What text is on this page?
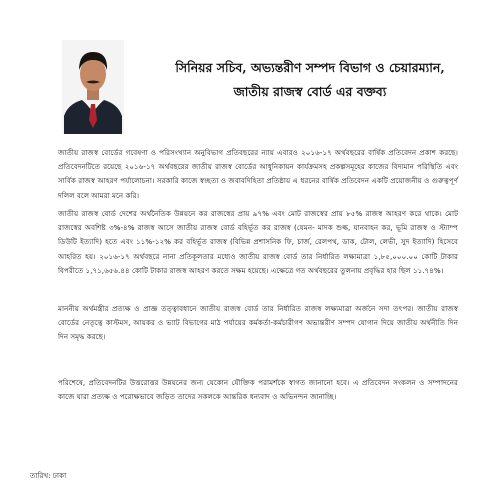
সিনিয়র সচিব, অভ্যন্তরীণ সম্পদ বিভাগ ও চেয়ারম্যান,
জাতীয় রাজস্ব বোর্ড এর বক্তব্য

জাতীয় রাজস্ব বোর্ডের গবেষণা ও পরিসংখ্যান অনুবিভাগ প্রতিবছরের ন্যায় এবারও ২০১৬-১৭ অর্থবছরের বার্ষিক প্রতিবেদন প্রকাশ করছে। প্রতিবেদনটিতে রয়েছে ২০১৬-১৭ অর্থবছরের জাতীয় রাজস্ব বোর্ডের আধুনিকায়ন কার্যক্রমসহ প্রকল্পসমূহের কাজের বিদ্যমান পরিস্থিতি এবং সার্বিক রাজস্ব আহরণ পর্যালোচনা। সরকারি কাজে স্বচ্ছতা ও জবাবদিহিতা প্রতিষ্ঠায় এ ধরনের বার্ষিক প্রতিবেদন একটি প্রয়োজনীয় ও গুরুত্বপূর্ণ দলিল বলে আমরা মনে করি।

জাতীয় রাজস্ব বোর্ড দেশের অর্থনৈতিক উন্নয়নে কর রাজস্বের প্রায় ৯৭% এবং মোট রাজস্বের প্রায় ৮৫% রাজস্ব আহরণ করে থাকে। মোট রাজস্বের অবশিষ্ট ৩%-৪% রাজস্ব আসে জাতীয় রাজস্ব বোর্ড বহির্ভূত কর রাজস্ব (যেমন- মাদক শুল্ক, যানবাহন কর, ভূমি রাজস্ব ও স্ট্যাম্প ডিউটি ইত্যাদি) হতে এবং ১১%-১২% কর বহির্ভূত রাজস্ব (বিভিন্ন প্রশাসনিক ফি, চার্জ, রেলপথ, ডাক, টোল, লেভী, সুদ ইত্যাদি) হিসেবে আহরিত হয়। ২০১৬-১৭ অর্থবছরে নানা প্রতিকূলতার মধ্যেও জাতীয় রাজস্ব বোর্ড তার নির্ধারিত লক্ষ্যমাত্রা ১,৮৫,০০০.০০ কোটি টাকার বিপরীতে ১,৭১,৬৫৬.৪৪ কোটি টাকার রাজস্ব আহরণ করতে সক্ষম হয়েছে। এক্ষেত্রে গত অর্থবছরের তুলনায় প্রবৃদ্ধির হার ছিল ১১.৭৪%।

মাননীয় অর্থমন্ত্রীর প্রত্যক্ষ ও প্রাজ্ঞ তত্ত্বাবধানে জাতীয় রাজস্ব বোর্ড তার নির্ধারিত রাজস্ব লক্ষ্যমাত্রা অর্জনে সদা তৎপর। জাতীয় রাজস্ব বোর্ডের নেতৃত্বে কাস্টমস, আয়কর ও ভ্যাট বিভাগের মাঠ পর্যায়ের কর্মকর্তা-কর্মচারীগণ অভ্যন্তরীণ সম্পদ যোগান দিয়ে জাতীয় অর্থনীতি দিন দিন সমৃদ্ধ করছে।

পরিশেষে, প্রতিবেদনটির উত্তরোত্তর উন্নয়নের জন্য যেকোন যৌক্তিক পরামর্শকে স্বাগত জানানো হবে। এ প্রতিবেদন সংকলন ও সম্পাদনের কাজে যারা প্রত্যক্ষ ও পরোক্ষভাবে জড়িত তাদের সকলকে আন্তরিক ধন্যবাদ ও অভিনন্দন জানাচ্ছি।

তারিখ: ঢাকা
